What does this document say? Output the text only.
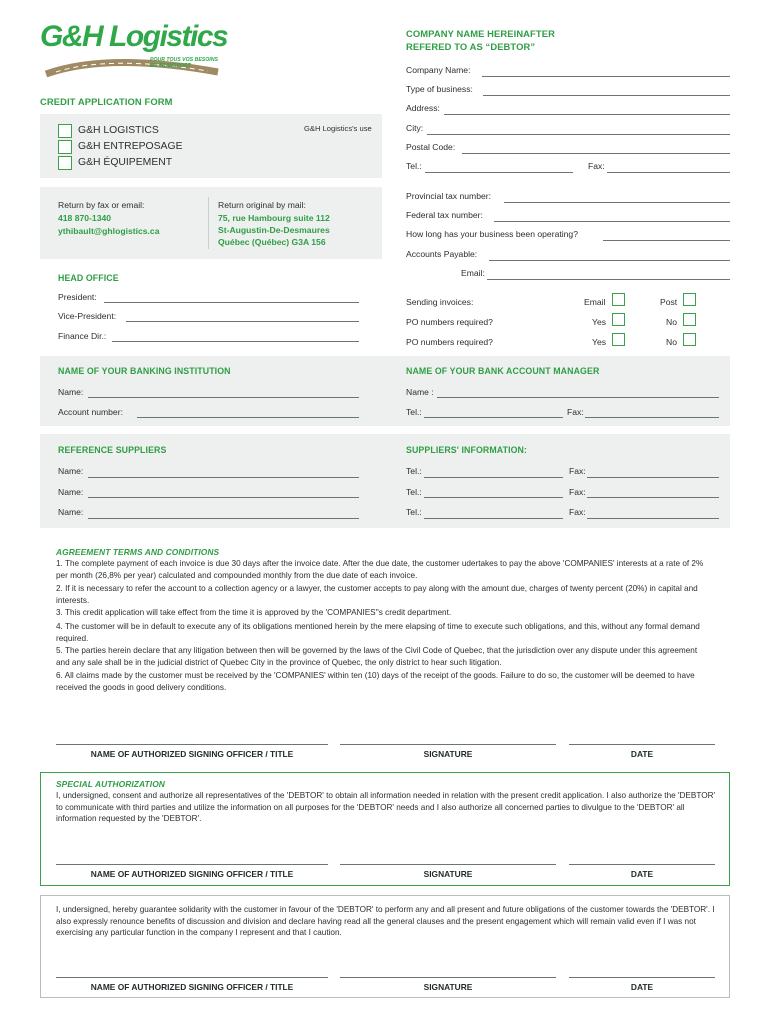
G&H Logistics
POUR TOUS VOS BESOINS
EN TRANSPORT
CREDIT APPLICATION FORM
COMPANY NAME HEREINAFTER
REFERED TO AS “DEBTOR”
G&H Logistics's use
G&H LOGISTICS
G&H ENTREPOSAGE
G&H ÉQUIPEMENT
Return by fax or email:
418 870-1340
ythibault@ghlogistics.ca
Return original by mail:
75, rue Hambourg suite 112
St-Augustin-De-Desmaures
Québec (Québec) G3A 156
Company Name:
Type of business:
Address:
City:
Postal Code:
Tel.:	Fax:
Provincial tax number:
Federal tax number:
How long has your business been operating?
Accounts Payable:
Email:
HEAD OFFICE
President:
Vice-President:
Finance Dir.:
Sending invoices:	Email	Post
PO numbers required?	Yes	No
PO numbers required?	Yes	No
NAME OF YOUR BANKING INSTITUTION
Name:
Account number:
NAME OF YOUR BANK ACCOUNT MANAGER
Name :
Tel.:	Fax:
REFERENCE SUPPLIERS	SUPPLIERS' INFORMATION:
Name:	Tel.:	Fax:
Name:	Tel.:	Fax:
Name:	Tel.:	Fax:
AGREEMENT TERMS AND CONDITIONS
1. The complete payment of each invoice is due 30 days after the invoice date. After the due date, the customer udertakes to pay the above 'COMPANIES' interests at a rate of 2% per month (26,8% per year) calculated and compounded monthly from the due date of each invoice.
2. If it is necessary to refer the account to a collection agency or a lawyer, the customer accepts to pay along with the amount due, charges of twenty percent (20%) in capital and interests.
3. This credit application will take effect from the time it is approved by the 'COMPANIES''s credit department.
4. The customer will be in default to execute any of its obligations mentioned herein by the mere elapsing of time to execute such obligations, and this, without any formal demand required.
5. The parties herein declare that any litigation between then will be governed by the laws of the Civil Code of Quebec, that the jurisdiction over any dispute under this agreement and any sale shall be in the judicial district of Quebec City in the province of Quebec, the only district to hear such litigation.
6. All claims made by the customer must be received by the 'COMPANIES' within ten (10) days of the receipt of the goods. Failure to do so, the customer will be deemed to have received the goods in good delivery conditions.
NAME OF AUTHORIZED SIGNING OFFICER / TITLE	SIGNATURE	DATE
SPECIAL AUTHORIZATION
I, undersigned, consent and authorize all representatives of the 'DEBTOR' to obtain all information needed in relation with the present credit application. I also authorize the 'DEBTOR' to communicate with third parties and utilize the information on all purposes for the 'DEBTOR' needs and I also authorize all concerned parties to divulgue to the 'DEBTOR' all information requested by the 'DEBTOR'.
NAME OF AUTHORIZED SIGNING OFFICER / TITLE	SIGNATURE	DATE
I, undersigned, hereby guarantee solidarity with the customer in favour of the 'DEBTOR' to perform any and all present and future obligations of the customer towards the 'DEBTOR'. I also expressly renounce benefits of discussion and division and declare having read all the general clauses and the present engagement which will remain valid even if I was not exercising any particular function in the company I represent and that I caution.
NAME OF AUTHORIZED SIGNING OFFICER / TITLE	SIGNATURE	DATE
